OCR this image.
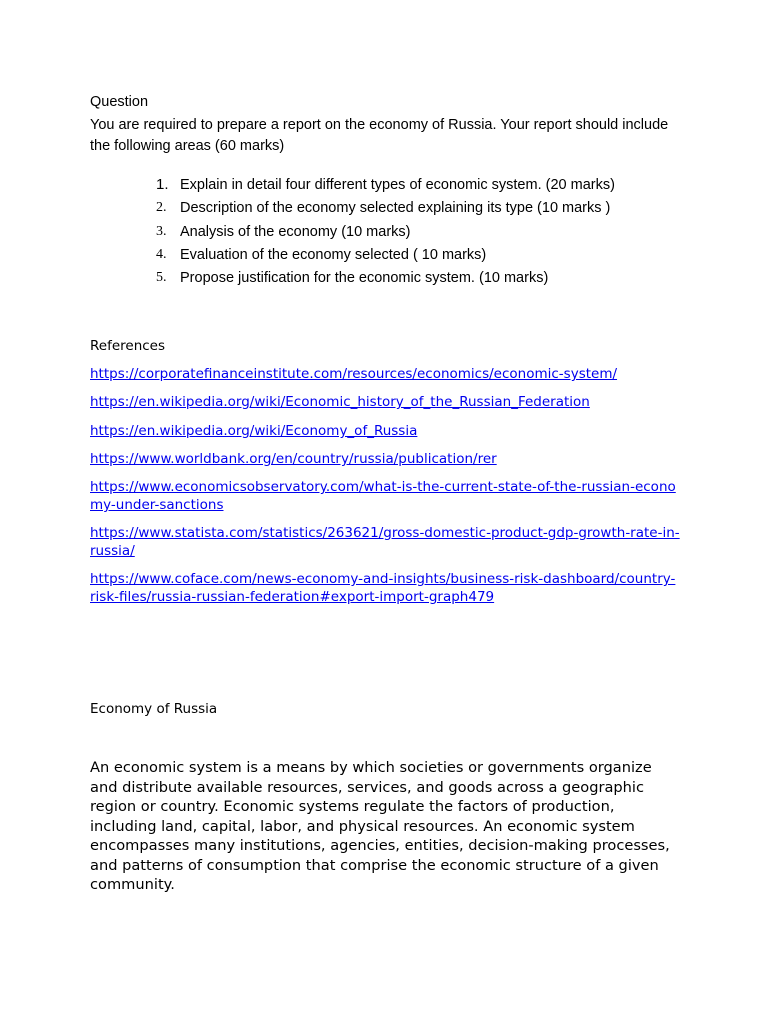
Question
You are required to prepare a report on the economy of Russia. Your report should include the following areas (60 marks)
1. Explain in detail four different types of economic system. (20 marks)
2. Description of the economy selected explaining its type (10 marks )
3. Analysis of the economy (10 marks)
4. Evaluation of the economy selected ( 10 marks)
5. Propose justification for the economic system. (10 marks)
References
https://corporatefinanceinstitute.com/resources/economics/economic-system/
https://en.wikipedia.org/wiki/Economic_history_of_the_Russian_Federation
https://en.wikipedia.org/wiki/Economy_of_Russia
https://www.worldbank.org/en/country/russia/publication/rer
https://www.economicsobservatory.com/what-is-the-current-state-of-the-russian-economy-under-sanctions
https://www.statista.com/statistics/263621/gross-domestic-product-gdp-growth-rate-in-russia/
https://www.coface.com/news-economy-and-insights/business-risk-dashboard/country-risk-files/russia-russian-federation#export-import-graph479
Economy of Russia
An economic system is a means by which societies or governments organize and distribute available resources, services, and goods across a geographic region or country. Economic systems regulate the factors of production, including land, capital, labor, and physical resources. An economic system encompasses many institutions, agencies, entities, decision-making processes, and patterns of consumption that comprise the economic structure of a given community.
